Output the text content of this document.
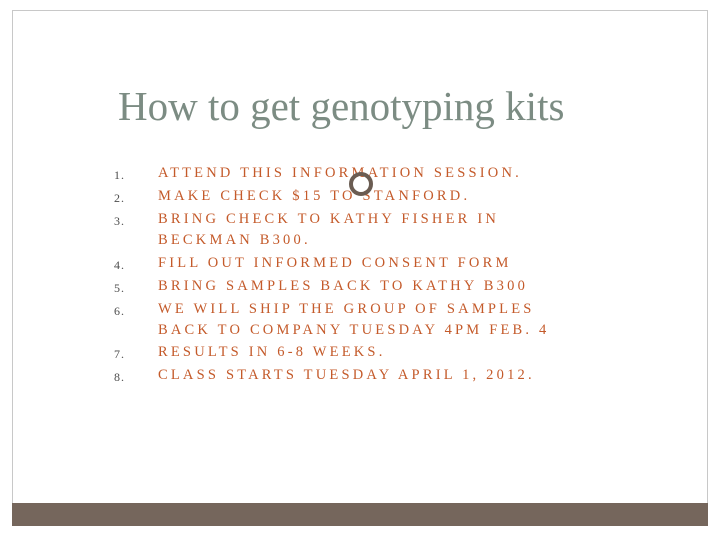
How to get genotyping kits
1. ATTEND THIS INFORMATION SESSION.
2. MAKE CHECK $15 TO STANFORD.
3. BRING CHECK TO KATHY FISHER IN
BECKMAN B300.
4. FILL OUT INFORMED CONSENT FORM
5. BRING SAMPLES BACK TO KATHY B300
6. WE WILL SHIP THE GROUP OF SAMPLES
BACK TO COMPANY TUESDAY 4PM FEB. 4
7. RESULTS IN 6-8 WEEKS.
8. CLASS STARTS TUESDAY APRIL 1, 2012.
